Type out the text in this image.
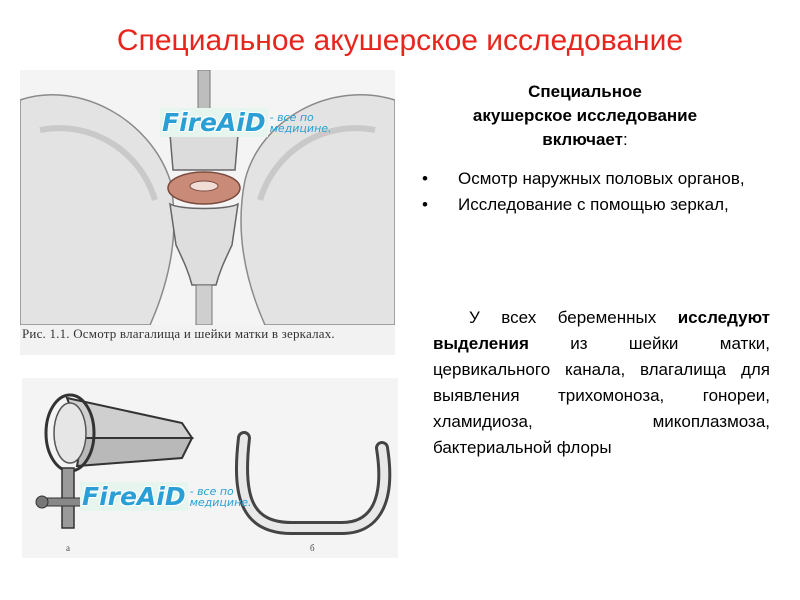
Специальное акушерское исследование
FireAiD - все по
медицине.
Рис. 1.1. Осмотр влагалища и шейки матки в зеркалах.
FireAiD - все по
медицине.
а	б
Специальное
акушерское исследование
включает:
• Осмотр наружных половых органов,
• Исследование с помощью зеркал,
У всех беременных исследуют выделения из шейки матки, цервикального канала, влагалища для выявления трихомоноза, гонореи, хламидиоза, микоплазмоза, бактериальной флоры
